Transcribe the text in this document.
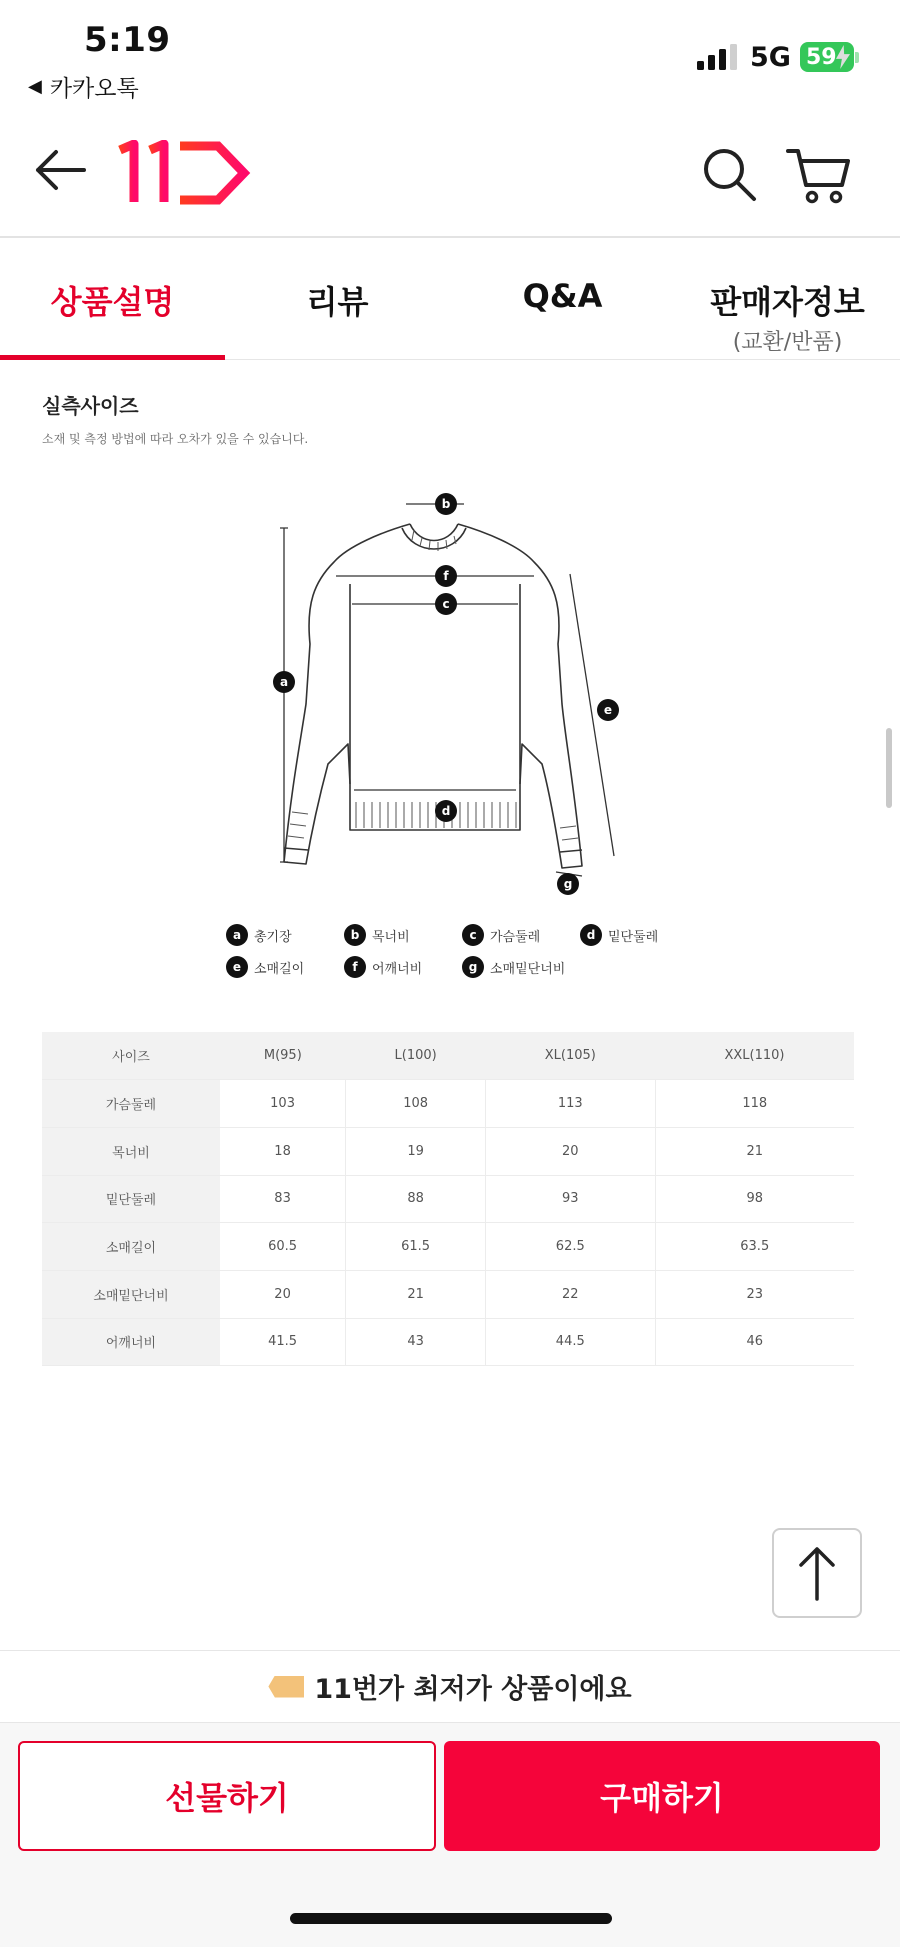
5:19
◀ 카카오톡
5G 59
상품설명	리뷰	Q&A	판매자정보
(교환/반품)
실측사이즈
소재 및 측정 방법에 따라 오차가 있을 수 있습니다.
a
b
c
d
e
f
g
a 총기장	b 목너비	c	가슴둘레	d 밑단둘레
e 소매길이	f	어깨너비	g 소매밑단너비
사이즈	M(95)	L(100)	XL(105)	XXL(110)
가슴둘레	103	108	113	118
목너비	18	19	20	21
밑단둘레	83	88	93	98
소매길이	60.5	61.5	62.5	63.5
소매밑단너비	20	21	22	23
어깨너비	41.5	43	44.5	46
11번가 최저가 상품이에요
선물하기	구매하기
